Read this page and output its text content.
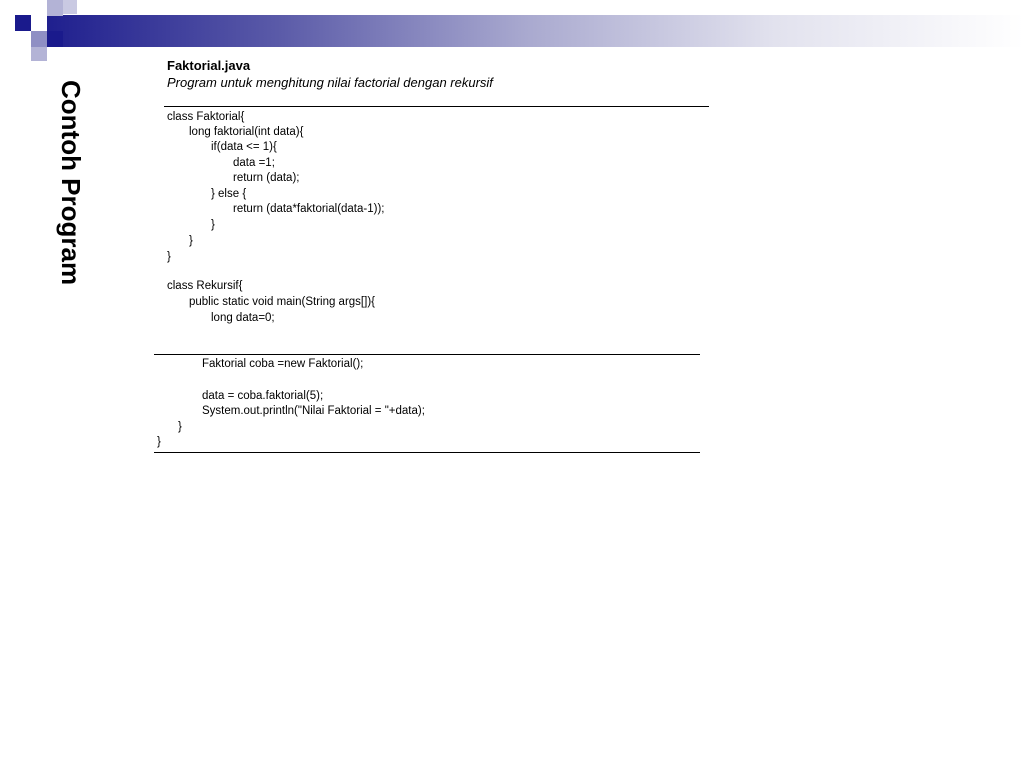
Contoh Program
Faktorial.java
Program untuk menghitung nilai factorial dengan rekursif
class Faktorial{
long faktorial(int data){
if(data <= 1){
data =1;
return (data);
} else {
return (data*faktorial(data-1));
}
}
}
class Rekursif{
public static void main(String args[]){
long data=0;
Faktorial coba =new Faktorial();
data = coba.faktorial(5);
System.out.println("Nilai Faktorial = "+data);
}
}
